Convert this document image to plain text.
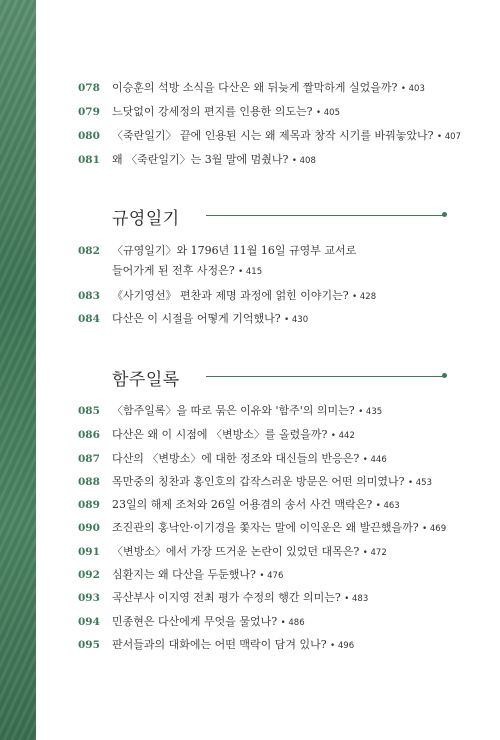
078	이승훈의 석방 소식을 다산은 왜 뒤늦게 짤막하게 실었을까? • 403
079	느닷없이 강세정의 편지를 인용한 의도는? • 405
080	〈죽란일기〉 끝에 인용된 시는 왜 제목과 창작 시기를 바꿔놓았나? • 407
081	왜 〈죽란일기〉는 3월 말에 멈췄나? • 408
규영일기
082	〈규영일기〉와 1796년 11월 16일 규영부 교서로
들어가게 된 전후 사정은? • 415
083	《사기영선》 편찬과 제명 과정에 얽힌 이야기는? • 428
084	다산은 이 시절을 어떻게 기억했나? • 430
함주일록
085	〈함주일록〉을 따로 묶은 이유와 '함주'의 의미는? • 435
086	다산은 왜 이 시점에 〈변방소〉를 올렸을까? • 442
087	다산의 〈변방소〉에 대한 정조와 대신들의 반응은? • 446
088	목만중의 칭찬과 홍인호의 갑작스러운 방문은 어떤 의미였나? • 453
089	23일의 해제 조처와 26일 어용겸의 송서 사건 맥락은? • 463
090	조진관의 홍낙안·이기경을 쫓자는 말에 이익운은 왜 발끈했을까? • 469
091	〈변방소〉에서 가장 뜨거운 논란이 있었던 대목은? • 472
092	심환지는 왜 다산을 두둔했나? • 476
093	곡산부사 이지영 전최 평가 수정의 행간 의미는? • 483
094	민종현은 다산에게 무엇을 물었나? • 486
095	판서들과의 대화에는 어떤 맥락이 담겨 있나? • 496
